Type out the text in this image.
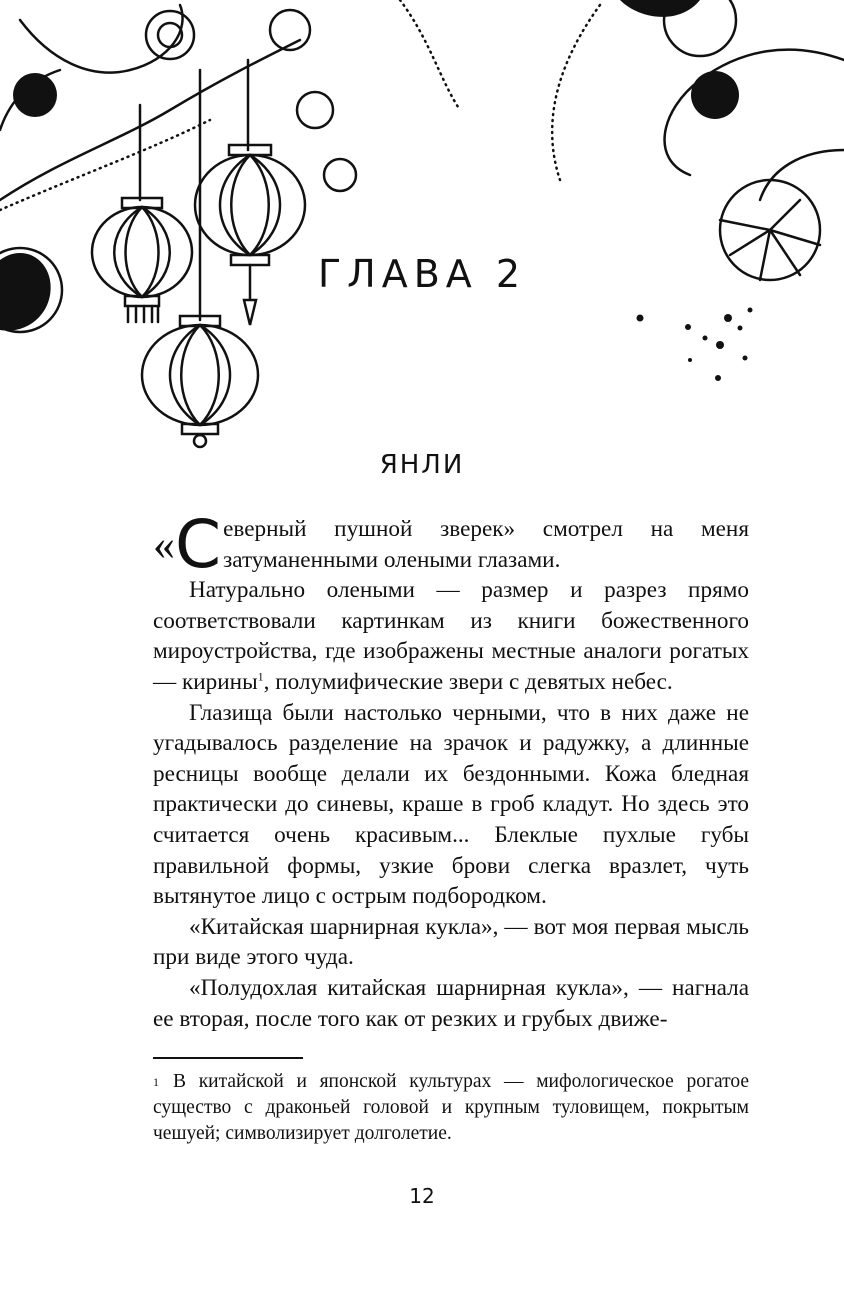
ГЛАВА 2
ЯНЛИ

«С еверный пушной зверек» смотрел на меня затуманенными олеными глазами.

Натурально олеными — размер и разрез прямо соответствовали картинкам из книги божественного мироустройства, где изображены местные аналоги рогатых — кирины$^1$, полумифические звери с девятых небес.

Глазища были настолько черными, что в них даже не угадывалось разделение на зрачок и радужку, а длинные ресницы вообще делали их бездонными. Кожа бледная практически до синевы, краше в гроб кладут. Но здесь это считается очень красивым... Блеклые пухлые губы правильной формы, узкие брови слегка вразлет, чуть вытянутое лицо с острым подбородком.

«Китайская шарнирная кукла», — вот моя первая мысль при виде этого чуда.

«Полудохлая китайская шарнирная кукла», — нагнала ее вторая, после того как от резких и грубых движе-

$^1$ В китайской и японской культурах — мифологическое рогатое существо с драконьей головой и крупным туловищем, покрытым чешуей; символизирует долголетие.

12
